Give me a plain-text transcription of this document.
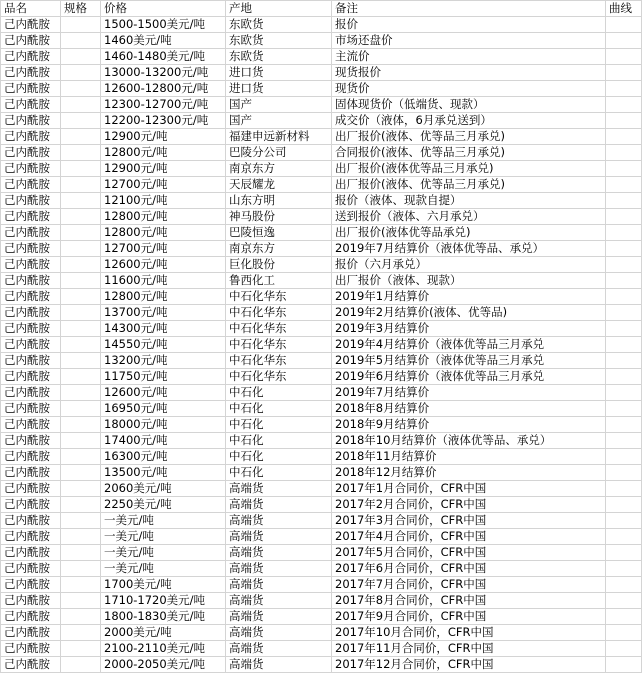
品名	规格	价格	产地	备注	曲线
己内酰胺		1500-1500美元/吨	东欧货	报价	
己内酰胺		1460美元/吨	东欧货	市场还盘价	
己内酰胺		1460-1480美元/吨	东欧货	主流价	
己内酰胺		13000-13200元/吨	进口货	现货报价	
己内酰胺		12600-12800元/吨	进口货	现货价	
己内酰胺		12300-12700元/吨	国产	固体现货价（低端货、现款）	
己内酰胺		12200-12300元/吨	国产	成交价（液体，6月承兑送到）	
己内酰胺		12900元/吨	福建申远新材料	出厂报价(液体、优等品三月承兑)	
己内酰胺		12800元/吨	巴陵分公司	合同报价(液体、优等品三月承兑)	
己内酰胺		12900元/吨	南京东方	出厂报价(液体优等品三月承兑)	
己内酰胺		12700元/吨	天辰耀龙	出厂报价(液体、优等品三月承兑)	
己内酰胺		12100元/吨	山东方明	报价（液体、现款自提）	
己内酰胺		12800元/吨	神马股份	送到报价（液体、六月承兑）	
己内酰胺		12800元/吨	巴陵恒逸	出厂报价(液体优等品承兑)	
己内酰胺		12700元/吨	南京东方	2019年7月结算价（液体优等品、承兑）	
己内酰胺		12600元/吨	巨化股份	报价（六月承兑）	
己内酰胺		11600元/吨	鲁西化工	出厂报价（液体、现款）	
己内酰胺		12800元/吨	中石化华东	2019年1月结算价	
己内酰胺		13700元/吨	中石化华东	2019年2月结算价(液体、优等品)	
己内酰胺		14300元/吨	中石化华东	2019年3月结算价	
己内酰胺		14550元/吨	中石化华东	2019年4月结算价（液体优等品三月承兑	
己内酰胺		13200元/吨	中石化华东	2019年5月结算价（液体优等品三月承兑	
己内酰胺		11750元/吨	中石化华东	2019年6月结算价（液体优等品三月承兑	
己内酰胺		12600元/吨	中石化	2019年7月结算价	
己内酰胺		16950元/吨	中石化	2018年8月结算价	
己内酰胺		18000元/吨	中石化	2018年9月结算价	
己内酰胺		17400元/吨	中石化	2018年10月结算价（液体优等品、承兑）	
己内酰胺		16300元/吨	中石化	2018年11月结算价	
己内酰胺		13500元/吨	中石化	2018年12月结算价	
己内酰胺		2060美元/吨	高端货	2017年1月合同价，CFR中国	
己内酰胺		2250美元/吨	高端货	2017年2月合同价，CFR中国	
己内酰胺		一美元/吨	高端货	2017年3月合同价，CFR中国	
己内酰胺		一美元/吨	高端货	2017年4月合同价，CFR中国	
己内酰胺		一美元/吨	高端货	2017年5月合同价，CFR中国	
己内酰胺		一美元/吨	高端货	2017年6月合同价，CFR中国	
己内酰胺		1700美元/吨	高端货	2017年7月合同价，CFR中国	
己内酰胺		1710-1720美元/吨	高端货	2017年8月合同价，CFR中国	
己内酰胺		1800-1830美元/吨	高端货	2017年9月合同价，CFR中国	
己内酰胺		2000美元/吨	高端货	2017年10月合同价，CFR中国	
己内酰胺		2100-2110美元/吨	高端货	2017年11月合同价，CFR中国	
己内酰胺		2000-2050美元/吨	高端货	2017年12月合同价，CFR中国	
